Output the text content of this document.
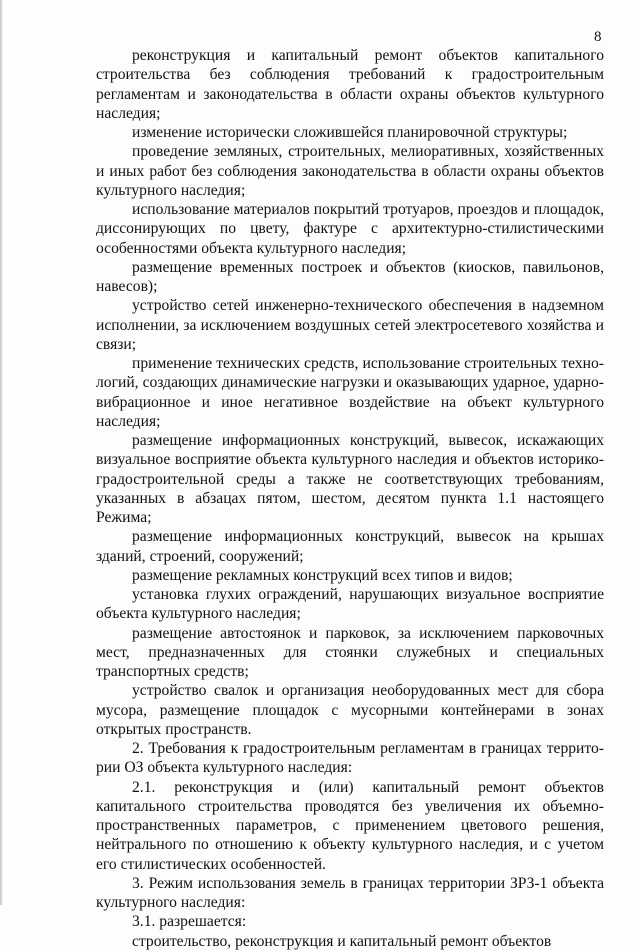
8

реконструкция и капитальный ремонт объектов капитального строительства без соблюдения требований к градостроительным регламентам и законодательства в области охраны объектов культурного наследия;

изменение исторически сложившейся планировочной структуры;

проведение земляных, строительных, мелиоративных, хозяйственных и иных работ без соблюдения законодательства в области охраны объектов культурного наследия;

использование материалов покрытий тротуаров, проездов и площадок, диссонирующих по цвету, фактуре с архитектурно-стилистическими особенностями объекта культурного наследия;

размещение временных построек и объектов (киосков, павильонов, навесов);

устройство сетей инженерно-технического обеспечения в надземном исполнении, за исключением воздушных сетей электросетевого хозяйства и связи;

применение технических средств, использование строительных техно-логий, создающих динамические нагрузки и оказывающих ударное, ударно-вибрационное и иное негативное воздействие на объект культурного наследия;

размещение информационных конструкций, вывесок, искажающих визуальное восприятие объекта культурного наследия и объектов историко-градостроительной среды а также не соответствующих требованиям, указанных в абзацах пятом, шестом, десятом пункта 1.1 настоящего Режима;

размещение информационных конструкций, вывесок на крышах зданий, строений, сооружений;

размещение рекламных конструкций всех типов и видов;

установка глухих ограждений, нарушающих визуальное восприятие объекта культурного наследия;

размещение автостоянок и парковок, за исключением парковочных мест, предназначенных для стоянки служебных и специальных транспортных средств;

устройство свалок и организация необорудованных мест для сбора мусора, размещение площадок с мусорными контейнерами в зонах открытых пространств.

2. Требования к градостроительным регламентам в границах террито-рии ОЗ объекта культурного наследия:

2.1. реконструкция и (или) капитальный ремонт объектов капитального строительства проводятся без увеличения их объемно-пространственных параметров, с применением цветового решения, нейтрального по отношению к объекту культурного наследия, и с учетом его стилистических особенностей.

3. Режим использования земель в границах территории ЗРЗ-1 объекта культурного наследия:

3.1. разрешается:

строительство, реконструкция и капитальный ремонт объектов
